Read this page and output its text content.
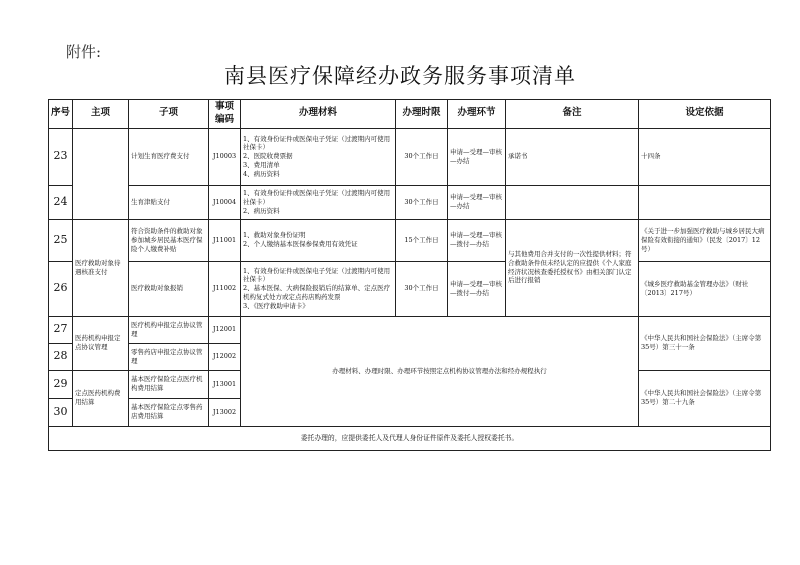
附件:
南县医疗保障经办政务服务事项清单
序号	主项	子项	事项编码	办理材料	办理时限	办理环节	备注	设定依据
23		计划生育医疗费支付	J10003	1、有效身份证件或医保电子凭证（过渡期内可使用社保卡）
2、医院收费票据
3、费用清单
4、病历资料	30个工作日	申请—受理—审核—办结	承诺书	十四条
24		生育津贴支付	J10004	1、有效身份证件或医保电子凭证（过渡期内可使用社保卡）
2、病历资料	30个工作日	申请—受理—审核—办结		
25	医疗救助对象待遇核准支付	符合资助条件的救助对象参加城乡居民基本医疗保险个人缴费补贴	J11001	1、救助对象身份证明
2、个人缴纳基本医保参保费用有效凭证	15个工作日	申请—受理—审核—拨付—办结	与其他费用合并支付的一次性提供材料；符合救助条件但未经认定的应提供《个人家庭经济状况核查委托授权书》由相关部门认定后进行报销	《关于进一步加强医疗救助与城乡居民大病保险有效衔接的通知》（民发〔2017〕12号）
26		医疗救助对象报销	J11002	1、有效身份证件或医保电子凭证（过渡期内可使用社保卡）
2、基本医保、大病保险报销后的结算单、定点医疗机构复式处方或定点药店购药发票
3、《医疗救助申请卡》	30个工作日	申请—受理—审核—拨付—办结		《城乡医疗救助基金管理办法》（财社〔2013〕217号）
27	医药机构申报定点协议管理	医疗机构申报定点协议管理	J12001	办理材料、办理时限、办理环节按照定点机构协议管理办法和经办规程执行				《中华人民共和国社会保险法》（主席令第35号）第三十一条
28		零售药店申报定点协议管理	J12002					
29	定点医药机构费用结算	基本医疗保险定点医疗机构费用结算	J13001					《中华人民共和国社会保险法》（主席令第35号）第二十九条
30		基本医疗保险定点零售药店费用结算	J13002					
委托办理的，应提供委托人及代理人身份证件原件及委托人授权委托书。								
